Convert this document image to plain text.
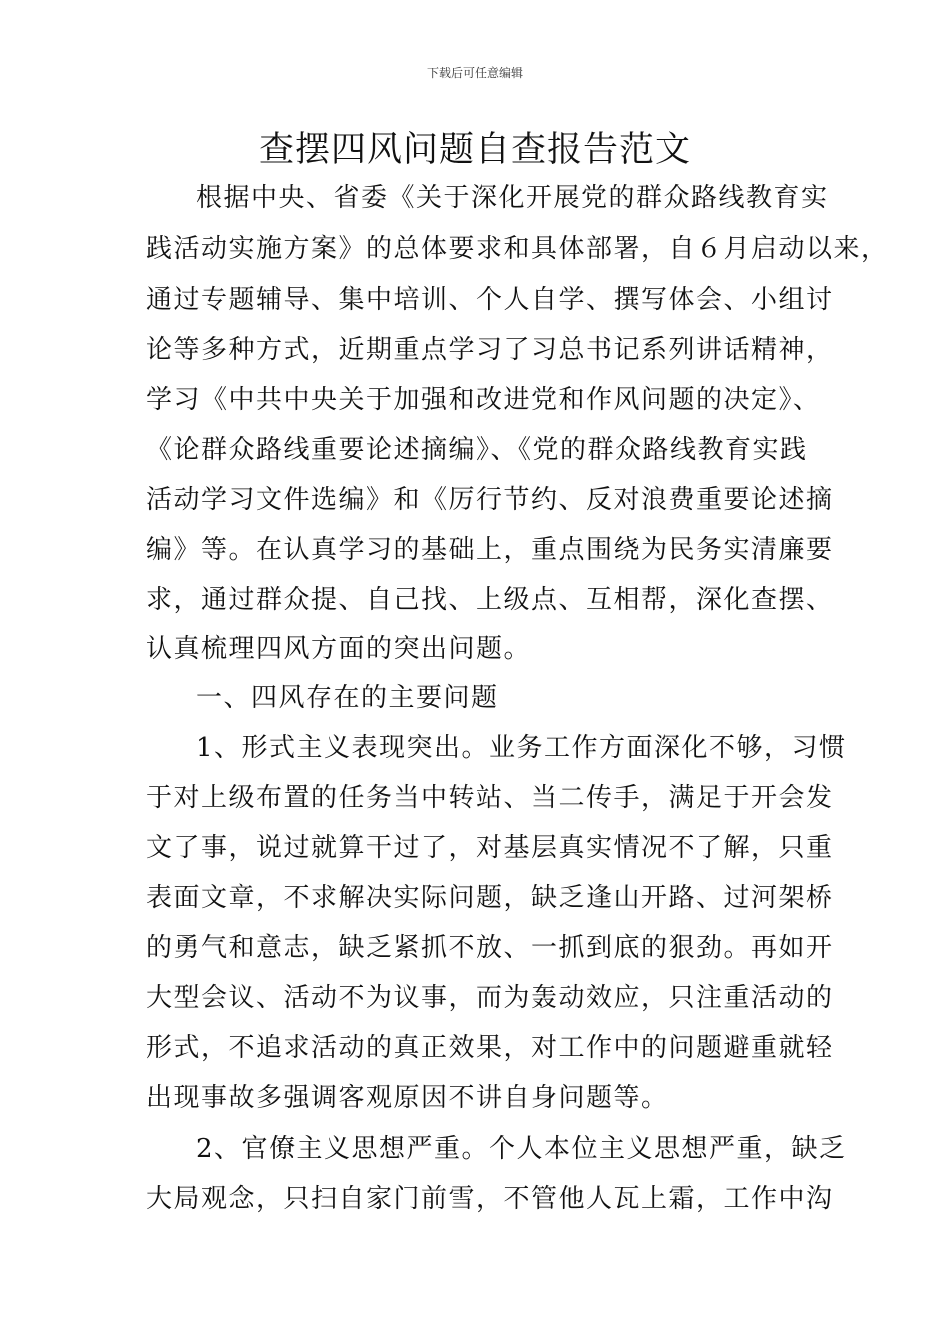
下载后可任意编辑
查摆四风问题自查报告范文

根据中央、省委《关于深化开展党的群众路线教育实

践活动实施方案》的总体要求和具体部署，自６月启动以来，

通过专题辅导、集中培训、个人自学、撰写体会、小组讨

论等多种方式，近期重点学习了习总书记系列讲话精神，

学习《中共中央关于加强和改进党和作风问题的决定》、

《论群众路线重要论述摘编》、《党的群众路线教育实践

活动学习文件选编》和《厉行节约、反对浪费重要论述摘

编》等。在认真学习的基础上，重点围绕为民务实清廉要

求，通过群众提、自己找、上级点、互相帮，深化查摆、

认真梳理四风方面的突出问题。

一、四风存在的主要问题

1、形式主义表现突出。业务工作方面深化不够，习惯

于对上级布置的任务当中转站、当二传手，满足于开会发

文了事，说过就算干过了，对基层真实情况不了解，只重

表面文章，不求解决实际问题，缺乏逢山开路、过河架桥

的勇气和意志，缺乏紧抓不放、一抓到底的狠劲。再如开

大型会议、活动不为议事，而为轰动效应，只注重活动的

形式，不追求活动的真正效果，对工作中的问题避重就轻

出现事故多强调客观原因不讲自身问题等。

2、官僚主义思想严重。个人本位主义思想严重，缺乏

大局观念，只扫自家门前雪，不管他人瓦上霜，工作中沟
